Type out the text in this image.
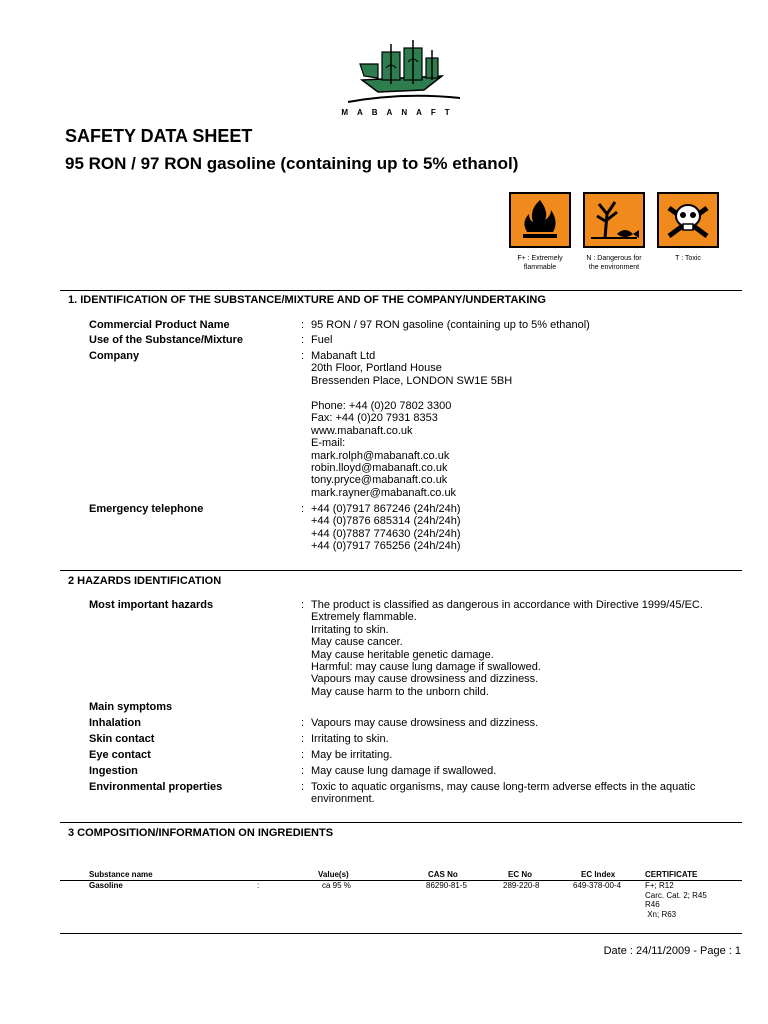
MABANAFT
SAFETY DATA SHEET
95 RON / 97 RON gasoline (containing up to 5% ethanol)
F+ : Extremely
flammable
N : Dangerous for
the environment
T : Toxic
1. IDENTIFICATION OF THE SUBSTANCE/MIXTURE AND OF THE COMPANY/UNDERTAKING
Commercial Product Name	: 95 RON / 97 RON gasoline (containing up to 5% ethanol)
Use of the Substance/Mixture	: Fuel
Company	: Mabanaft Ltd
20th Floor, Portland House
Bressenden Place, LONDON SW1E 5BH
Phone: +44 (0)20 7802 3300
Fax: +44 (0)20 7931 8353
www.mabanaft.co.uk
E-mail:
mark.rolph@mabanaft.co.uk
robin.lloyd@mabanaft.co.uk
tony.pryce@mabanaft.co.uk
mark.rayner@mabanaft.co.uk
Emergency telephone	: +44 (0)7917 867246 (24h/24h)
+44 (0)7876 685314 (24h/24h)
+44 (0)7887 774630 (24h/24h)
+44 (0)7917 765256 (24h/24h)
2 HAZARDS IDENTIFICATION
Most important hazards	: The product is classified as dangerous in accordance with Directive 1999/45/EC.
Extremely flammable.
Irritating to skin.
May cause cancer.
May cause heritable genetic damage.
Harmful: may cause lung damage if swallowed.
Vapours may cause drowsiness and dizziness.
May cause harm to the unborn child.
Main symptoms
Inhalation	: Vapours may cause drowsiness and dizziness.
Skin contact	: Irritating to skin.
Eye contact	: May be irritating.
Ingestion	: May cause lung damage if swallowed.
Environmental properties	: Toxic to aquatic organisms, may cause long-term adverse effects in the aquatic
environment.
3 COMPOSITION/INFORMATION ON INGREDIENTS
Substance name	Value(s)	CAS No	EC No	EC Index	CERTIFICATE
Gasoline	:	ca 95 %	86290-81-5	289-220-8	649-378-00-4	F+; R12
Carc. Cat. 2; R45
R46
Xn; R63
Date : 24/11/2009 - Page : 1
